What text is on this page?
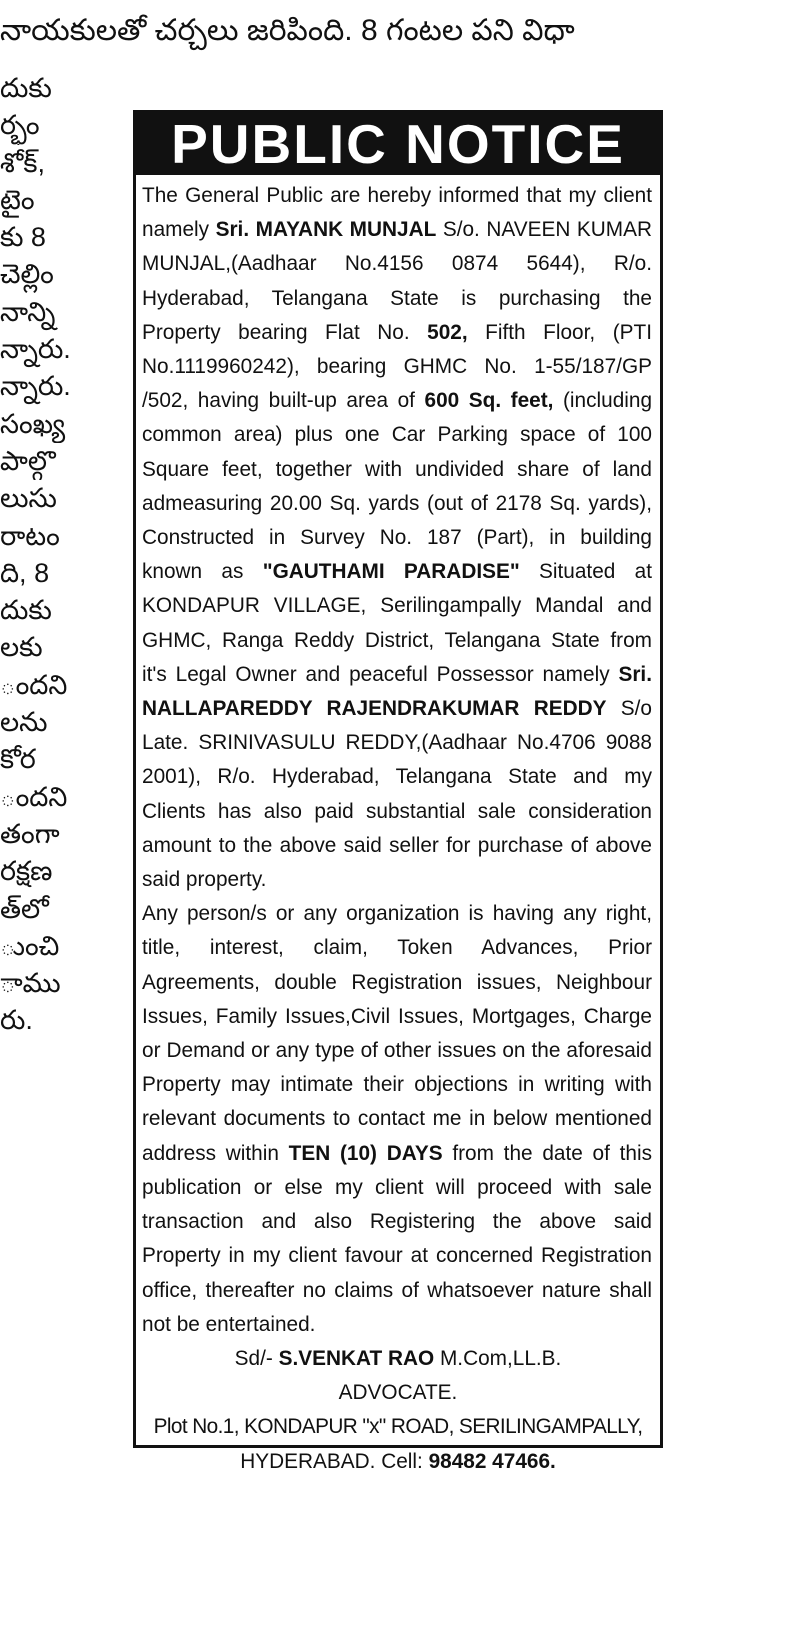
నాయకులతో చర్చలు జరిపింది. 8 గంటల పని విధా
దుకు
ర్భం
శోక్,
టైం
కు 8
చెల్లిం
నాన్ని
న్నారు.
న్నారు.
సంఖ్య
పాల్గొ
లుసు
రాటం
ది, 8
దుకు
లకు
ందని
లను
కోర
ందని
తంగా
రక్షణ
త్‌లో
ుంచి
ాము
రు.
PUBLIC NOTICE

The General Public are hereby informed that my client namely Sri. MAYANK MUNJAL S/o. NAVEEN KUMAR MUNJAL,(Aadhaar No.4156 0874 5644), R/o. Hyderabad, Telangana State is purchasing the Property bearing Flat No. 502, Fifth Floor, (PTI No.1119960242), bearing GHMC No. 1-55/187/GP /502, having built-up area of 600 Sq. feet, (including common area) plus one Car Parking space of 100 Square feet, together with undivided share of land admeasuring 20.00 Sq. yards (out of 2178 Sq. yards), Constructed in Survey No. 187 (Part), in building known as "GAUTHAMI PARADISE" Situated at KONDAPUR VILLAGE, Serilingampally Mandal and GHMC, Ranga Reddy District, Telangana State from it's Legal Owner and peaceful Possessor namely Sri. NALLAPAREDDY RAJENDRAKUMAR REDDY S/o Late. SRINIVASULU REDDY,(Aadhaar No.4706 9088 2001), R/o. Hyderabad, Telangana State and my Clients has also paid substantial sale consideration amount to the above said seller for purchase of above said property.

Any person/s or any organization is having any right, title, interest, claim, Token Advances, Prior Agreements, double Registration issues, Neighbour Issues, Family Issues,Civil Issues, Mortgages, Charge or Demand or any type of other issues on the aforesaid Property may intimate their objections in writing with relevant documents to contact me in below mentioned address within TEN (10) DAYS from the date of this publication or else my client will proceed with sale transaction and also Registering the above said Property in my client favour at concerned Registration office, thereafter no claims of whatsoever nature shall not be entertained.

Sd/- S.VENKAT RAO M.Com,LL.B.
ADVOCATE.
Plot No.1, KONDAPUR "x" ROAD, SERILINGAMPALLY,
HYDERABAD. Cell: 98482 47466.
